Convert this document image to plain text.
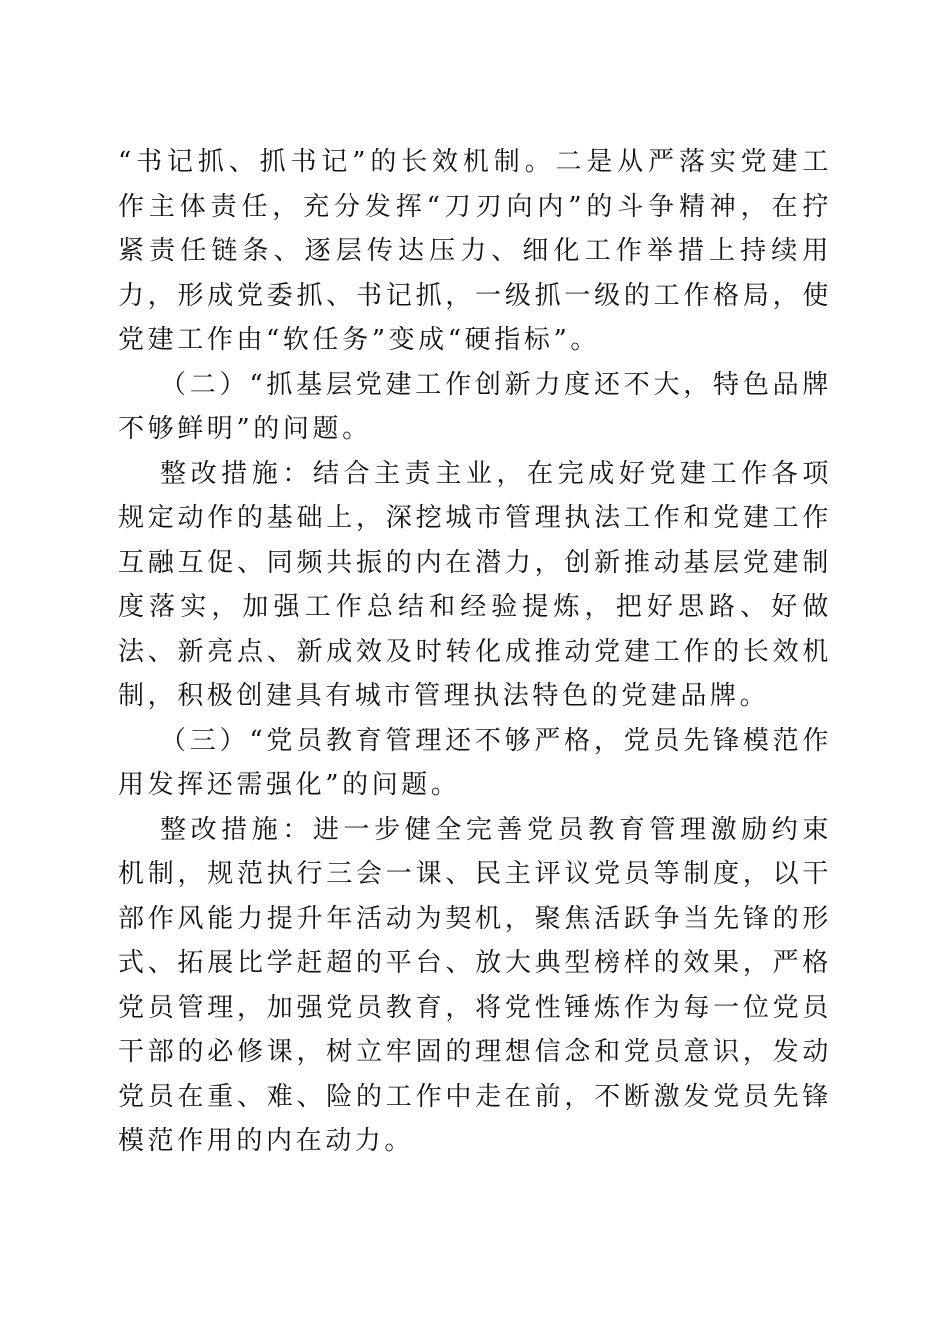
“书记抓、抓书记”的长效机制。二是从严落实党建工作主体责任，充分发挥“刀刃向内”的斗争精神，在拧紧责任链条、逐层传达压力、细化工作举措上持续用力，形成党委抓、书记抓，一级抓一级的工作格局，使党建工作由“软任务”变成“硬指标”。

（二）“抓基层党建工作创新力度还不大，特色品牌不够鲜明”的问题。

整改措施：结合主责主业，在完成好党建工作各项规定动作的基础上，深挖城市管理执法工作和党建工作互融互促、同频共振的内在潜力，创新推动基层党建制度落实，加强工作总结和经验提炼，把好思路、好做法、新亮点、新成效及时转化成推动党建工作的长效机制，积极创建具有城市管理执法特色的党建品牌。

（三）“党员教育管理还不够严格，党员先锋模范作用发挥还需强化”的问题。

整改措施：进一步健全完善党员教育管理激励约束机制，规范执行三会一课、民主评议党员等制度，以干部作风能力提升年活动为契机，聚焦活跃争当先锋的形式、拓展比学赶超的平台、放大典型榜样的效果，严格党员管理，加强党员教育，将党性锤炼作为每一位党员干部的必修课，树立牢固的理想信念和党员意识，发动党员在重、难、险的工作中走在前，不断激发党员先锋模范作用的内在动力。
